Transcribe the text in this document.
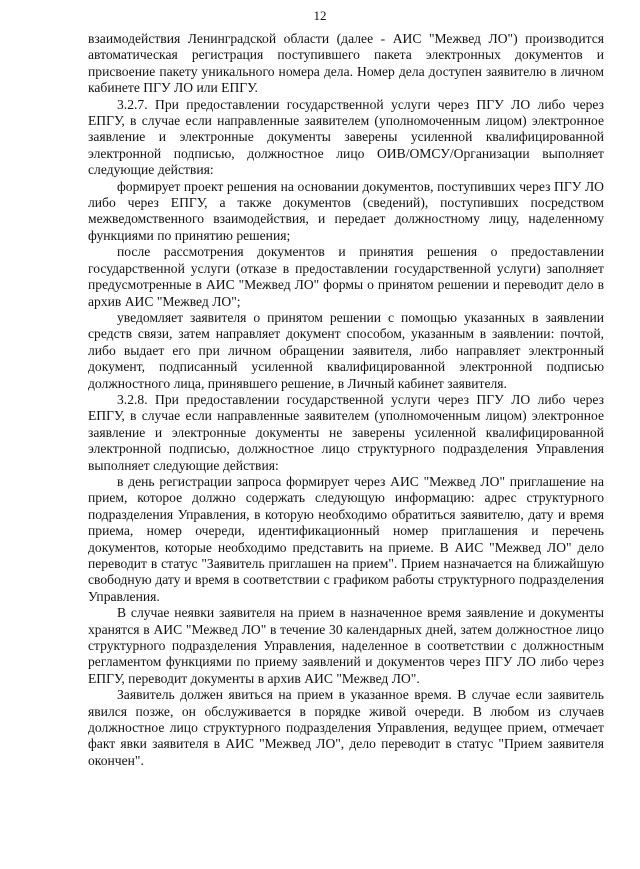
12

взаимодействия Ленинградской области (далее - АИС "Межвед ЛО") производится автоматическая регистрация поступившего пакета электронных документов и присвоение пакету уникального номера дела. Номер дела доступен заявителю в личном кабинете ПГУ ЛО или ЕПГУ.

3.2.7. При предоставлении государственной услуги через ПГУ ЛО либо через ЕПГУ, в случае если направленные заявителем (уполномоченным лицом) электронное заявление и электронные документы заверены усиленной квалифицированной электронной подписью, должностное лицо ОИВ/ОМСУ/Организации выполняет следующие действия:

формирует проект решения на основании документов, поступивших через ПГУ ЛО либо через ЕПГУ, а также документов (сведений), поступивших посредством межведомственного взаимодействия, и передает должностному лицу, наделенному функциями по принятию решения;

после рассмотрения документов и принятия решения о предоставлении государственной услуги (отказе в предоставлении государственной услуги) заполняет предусмотренные в АИС "Межвед ЛО" формы о принятом решении и переводит дело в архив АИС "Межвед ЛО";

уведомляет заявителя о принятом решении с помощью указанных в заявлении средств связи, затем направляет документ способом, указанным в заявлении: почтой, либо выдает его при личном обращении заявителя, либо направляет электронный документ, подписанный усиленной квалифицированной электронной подписью должностного лица, принявшего решение, в Личный кабинет заявителя.

3.2.8. При предоставлении государственной услуги через ПГУ ЛО либо через ЕПГУ, в случае если направленные заявителем (уполномоченным лицом) электронное заявление и электронные документы не заверены усиленной квалифицированной электронной подписью, должностное лицо структурного подразделения Управления выполняет следующие действия:

в день регистрации запроса формирует через АИС "Межвед ЛО" приглашение на прием, которое должно содержать следующую информацию: адрес структурного подразделения Управления, в которую необходимо обратиться заявителю, дату и время приема, номер очереди, идентификационный номер приглашения и перечень документов, которые необходимо представить на приеме. В АИС "Межвед ЛО" дело переводит в статус "Заявитель приглашен на прием". Прием назначается на ближайшую свободную дату и время в соответствии с графиком работы структурного подразделения Управления.

В случае неявки заявителя на прием в назначенное время заявление и документы хранятся в АИС "Межвед ЛО" в течение 30 календарных дней, затем должностное лицо структурного подразделения Управления, наделенное в соответствии с должностным регламентом функциями по приему заявлений и документов через ПГУ ЛО либо через ЕПГУ, переводит документы в архив АИС "Межвед ЛО".

Заявитель должен явиться на прием в указанное время. В случае если заявитель явился позже, он обслуживается в порядке живой очереди. В любом из случаев должностное лицо структурного подразделения Управления, ведущее прием, отмечает факт явки заявителя в АИС "Межвед ЛО", дело переводит в статус "Прием заявителя окончен".
